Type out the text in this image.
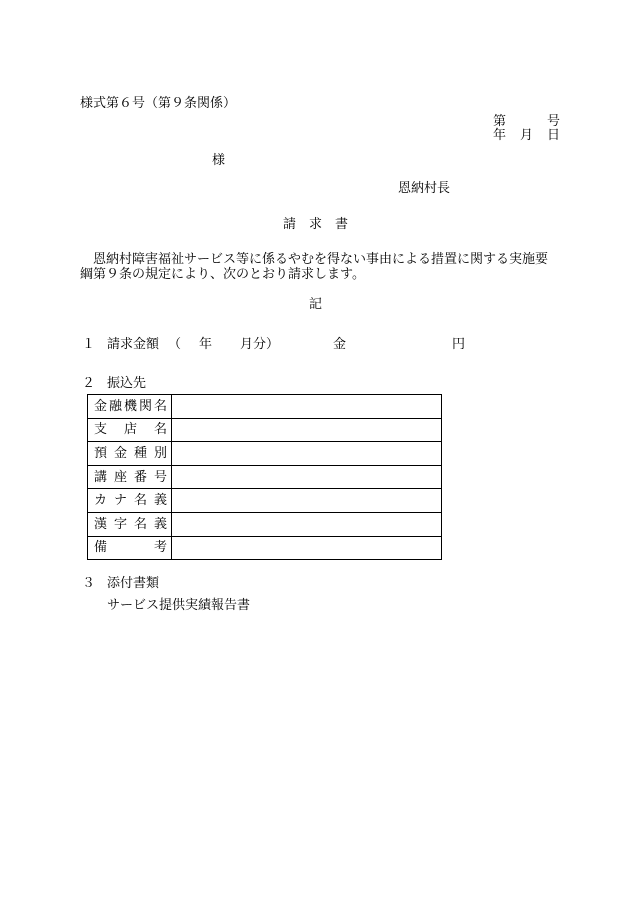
様式第６号（第９条関係）
第	号
年 月 日
様
恩納村長
請 求 書
　恩納村障害福祉サービス等に係るやむを得ない事由による措置に関する実施要綱第９条の規定により、次のとおり請求します。
記
１ 請求金額 （ 年 月分）	金	円
２ 振込先
金融機関名	
支店名	
預金種別	
講座番号	
カナ名義	
漢字名義	
備考	
３ 添付書類
サービス提供実績報告書
